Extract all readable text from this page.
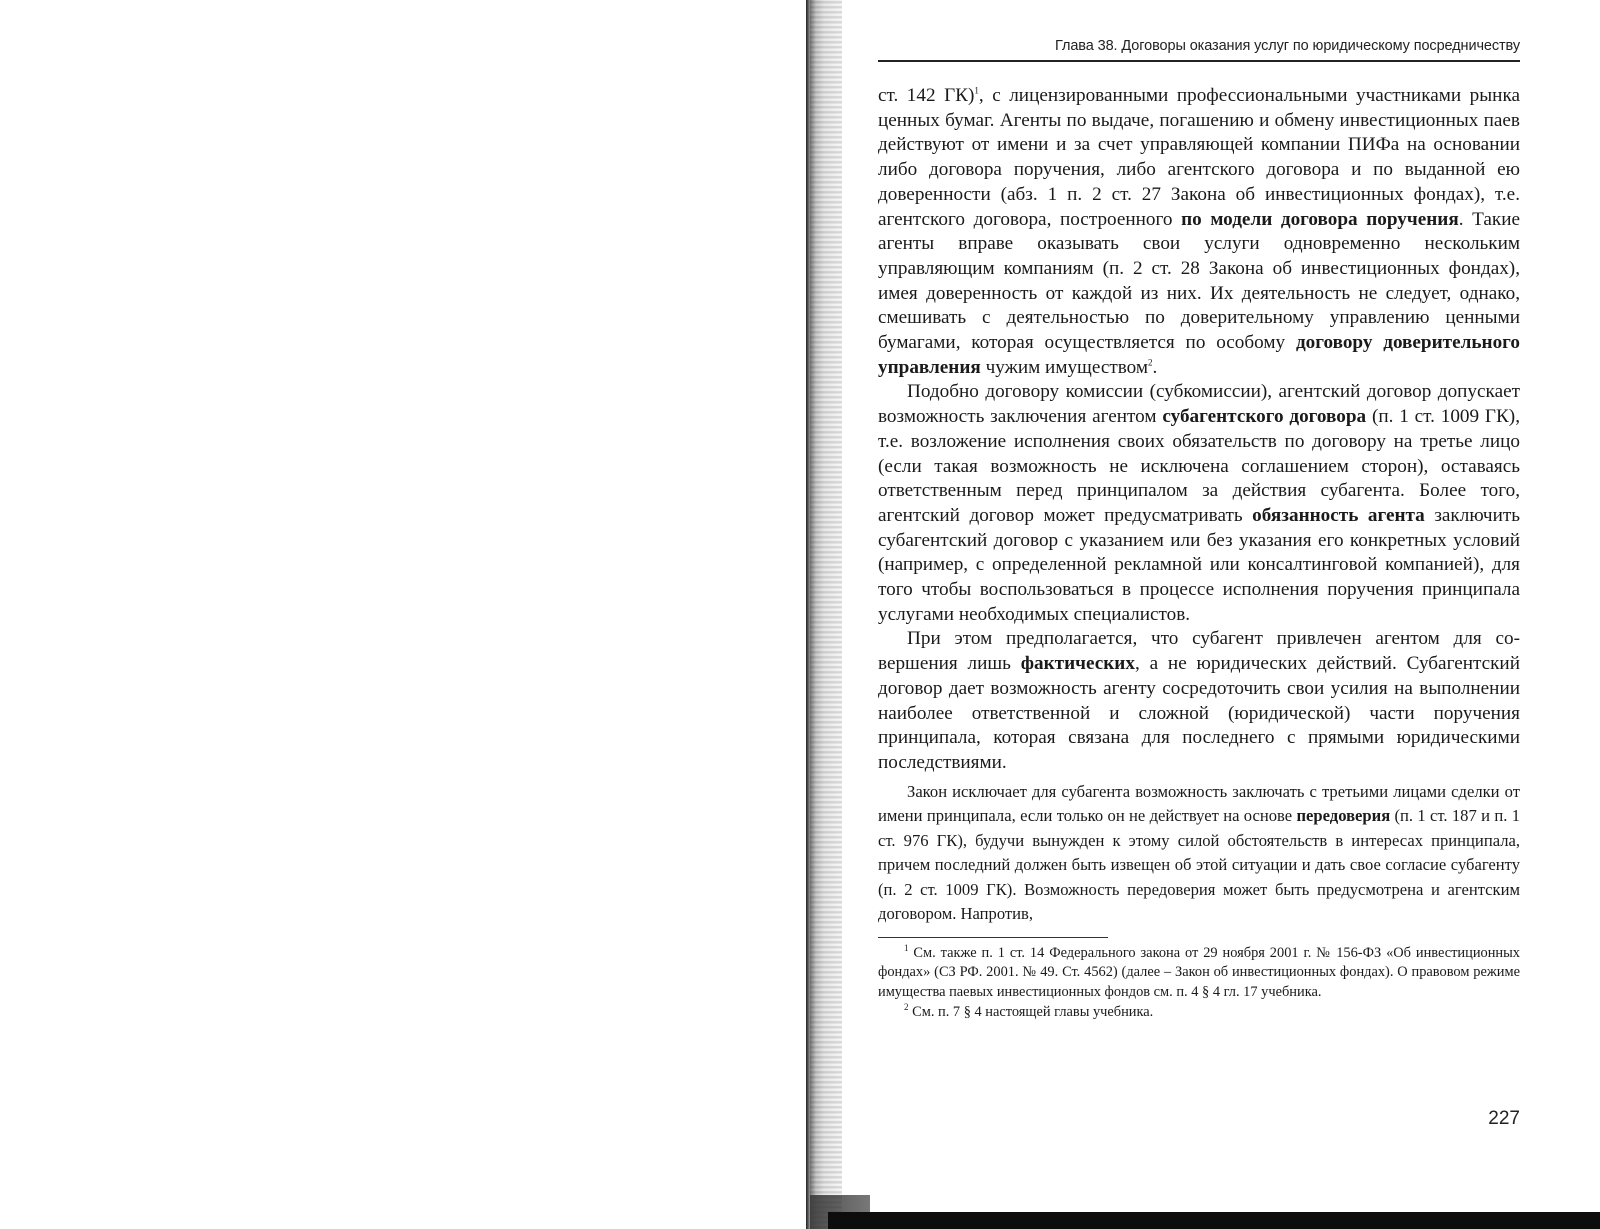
Глава 38. Договоры оказания услуг по юридическому посредничеству

ст. 142 ГК)$^1$, с лицензированными профессиональными участниками рынка ценных бумаг. Агенты по выдаче, погашению и обмену инвестиционных паев действуют от имени и за счет управляющей компании ПИФа на основании либо договора поручения, либо агентского договора и по выданной ею доверенности (абз. 1 п. 2 ст. 27 Закона об инвестиционных фондах), т.е. агентского договора, построенного по модели договора поручения. Такие агенты вправе оказывать свои услуги одновременно нескольким управляющим компаниям (п. 2 ст. 28 Закона об инвестиционных фондах), имея доверенность от каждой из них. Их деятельность не следует, однако, смешивать с деятельностью по доверительному управлению ценными бумагами, которая осуществляется по особому договору доверительного управления чужим имуществом$^2$.

Подобно договору комиссии (субкомиссии), агентский договор допускает возможность заключения агентом субагентского договора (п. 1 ст. 1009 ГК), т.е. возложение исполнения своих обязательств по договору на третье лицо (если такая возможность не исключена соглашением сторон), оставаясь ответственным перед принципалом за действия субагента. Более того, агентский договор может предусматривать обязанность агента заключить субагентский договор с указанием или без указания его конкретных условий (например, с определенной рекламной или консалтинговой компанией), для того чтобы воспользоваться в процессе исполнения поручения принципала услугами необходимых специалистов.

При этом предполагается, что субагент привлечен агентом для совершения лишь фактических, а не юридических действий. Субагентский договор дает возможность агенту сосредоточить свои усилия на выполнении наиболее ответственной и сложной (юридической) части поручения принципала, которая связана для последнего с прямыми юридическими последствиями.

Закон исключает для субагента возможность заключать с третьими лицами сделки от имени принципала, если только он не действует на основе передоверия (п. 1 ст. 187 и п. 1 ст. 976 ГК), будучи вынужден к этому силой обстоятельств в интересах принципала, причем последний должен быть извещен об этой ситуации и дать свое согласие субагенту (п. 2 ст. 1009 ГК). Возможность передоверия может быть предусмотрена и агентским договором. Напротив,

$^1$ См. также п. 1 ст. 14 Федерального закона от 29 ноября 2001 г. № 156-ФЗ «Об инвестиционных фондах» (СЗ РФ. 2001. № 49. Ст. 4562) (далее – Закон об инвестиционных фондах). О правовом режиме имущества паевых инвестиционных фондов см. п. 4 § 4 гл. 17 учебника.

$^2$ См. п. 7 § 4 настоящей главы учебника.

227
